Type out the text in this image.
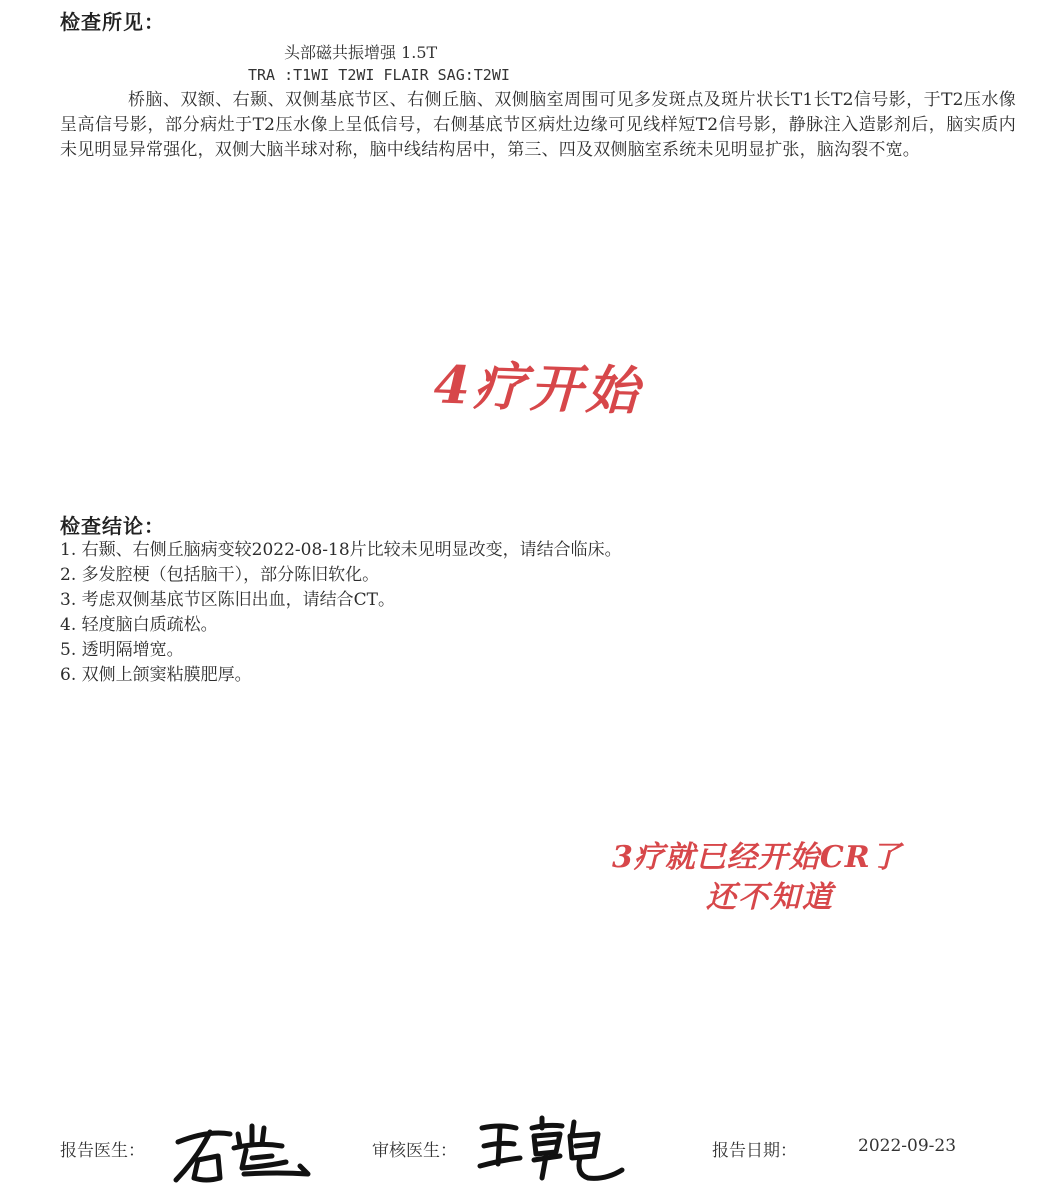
检查所见：
头部磁共振增强 1.5T
TRA :T1WI T2WI FLAIR SAG:T2WI
桥脑、双额、右颞、双侧基底节区、右侧丘脑、双侧脑室周围可见多发斑点及斑片状长T1长T2信号影，于T2压水像呈高信号影，部分病灶于T2压水像上呈低信号，右侧基底节区病灶边缘可见线样短T2信号影，静脉注入造影剂后，脑实质内未见明显异常强化，双侧大脑半球对称，脑中线结构居中，第三、四及双侧脑室系统未见明显扩张，脑沟裂不宽。
4疗开始
检查结论：
1. 右颞、右侧丘脑病变较2022-08-18片比较未见明显改变，请结合临床。
2. 多发腔梗（包括脑干），部分陈旧软化。
3. 考虑双侧基底节区陈旧出血，请结合CT。
4. 轻度脑白质疏松。
5. 透明隔增宽。
6. 双侧上颌窦粘膜肥厚。
3疗就已经开始CR了
还不知道
报告医生：	审核医生：	报告日期：	2022-09-23
